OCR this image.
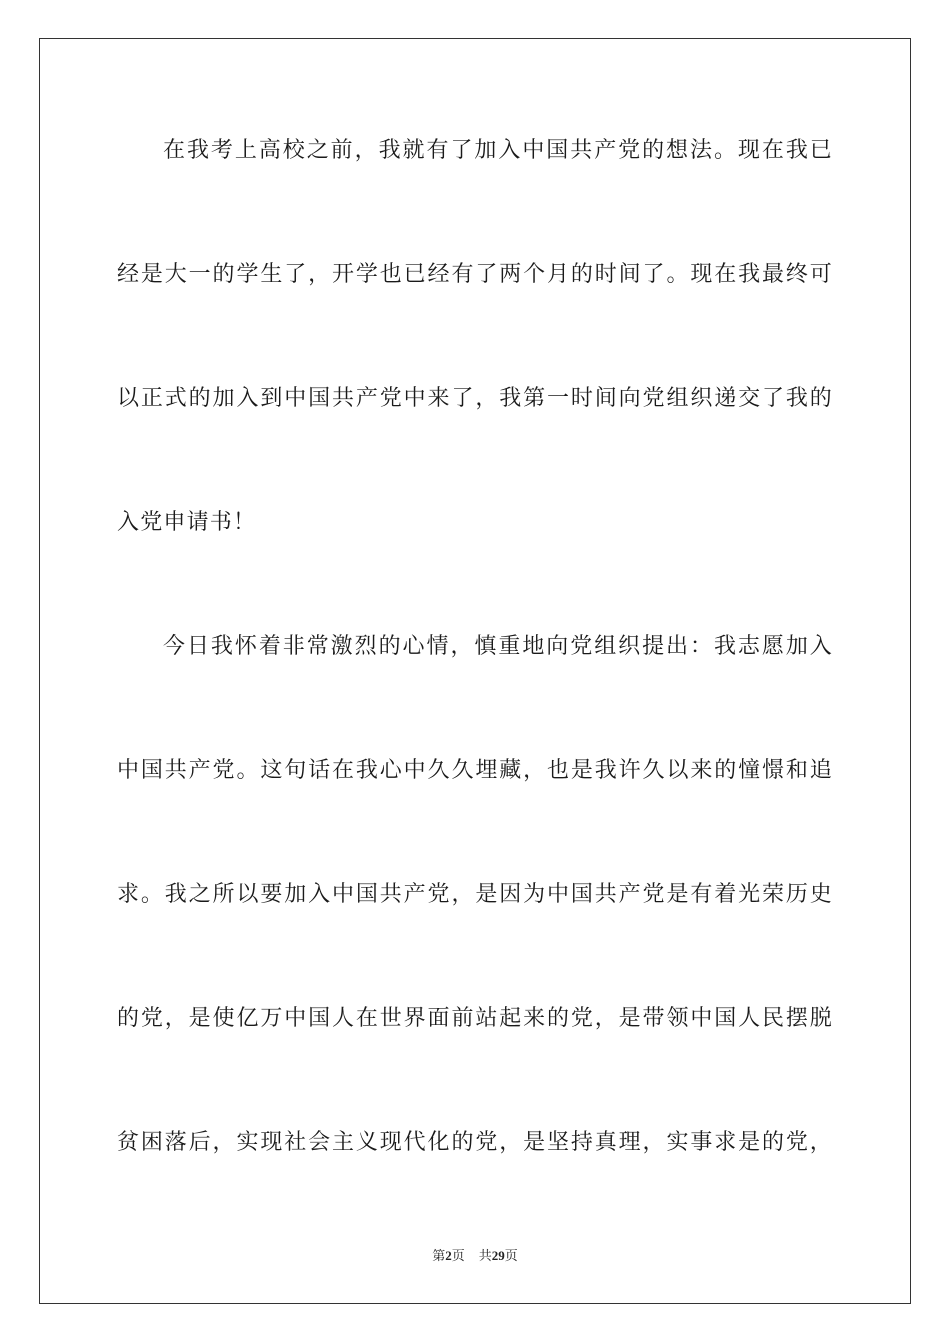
在我考上高校之前，我就有了加入中国共产党的想法。现在我已
经是大一的学生了，开学也已经有了两个月的时间了。现在我最终可
以正式的加入到中国共产党中来了，我第一时间向党组织递交了我的
入党申请书！
今日我怀着非常激烈的心情，慎重地向党组织提出：我志愿加入
中国共产党。这句话在我心中久久埋藏，也是我许久以来的憧憬和追
求。我之所以要加入中国共产党，是因为中国共产党是有着光荣历史
的党，是使亿万中国人在世界面前站起来的党，是带领中国人民摆脱
贫困落后，实现社会主义现代化的党，是坚持真理，实事求是的党，
第2页 共29页
